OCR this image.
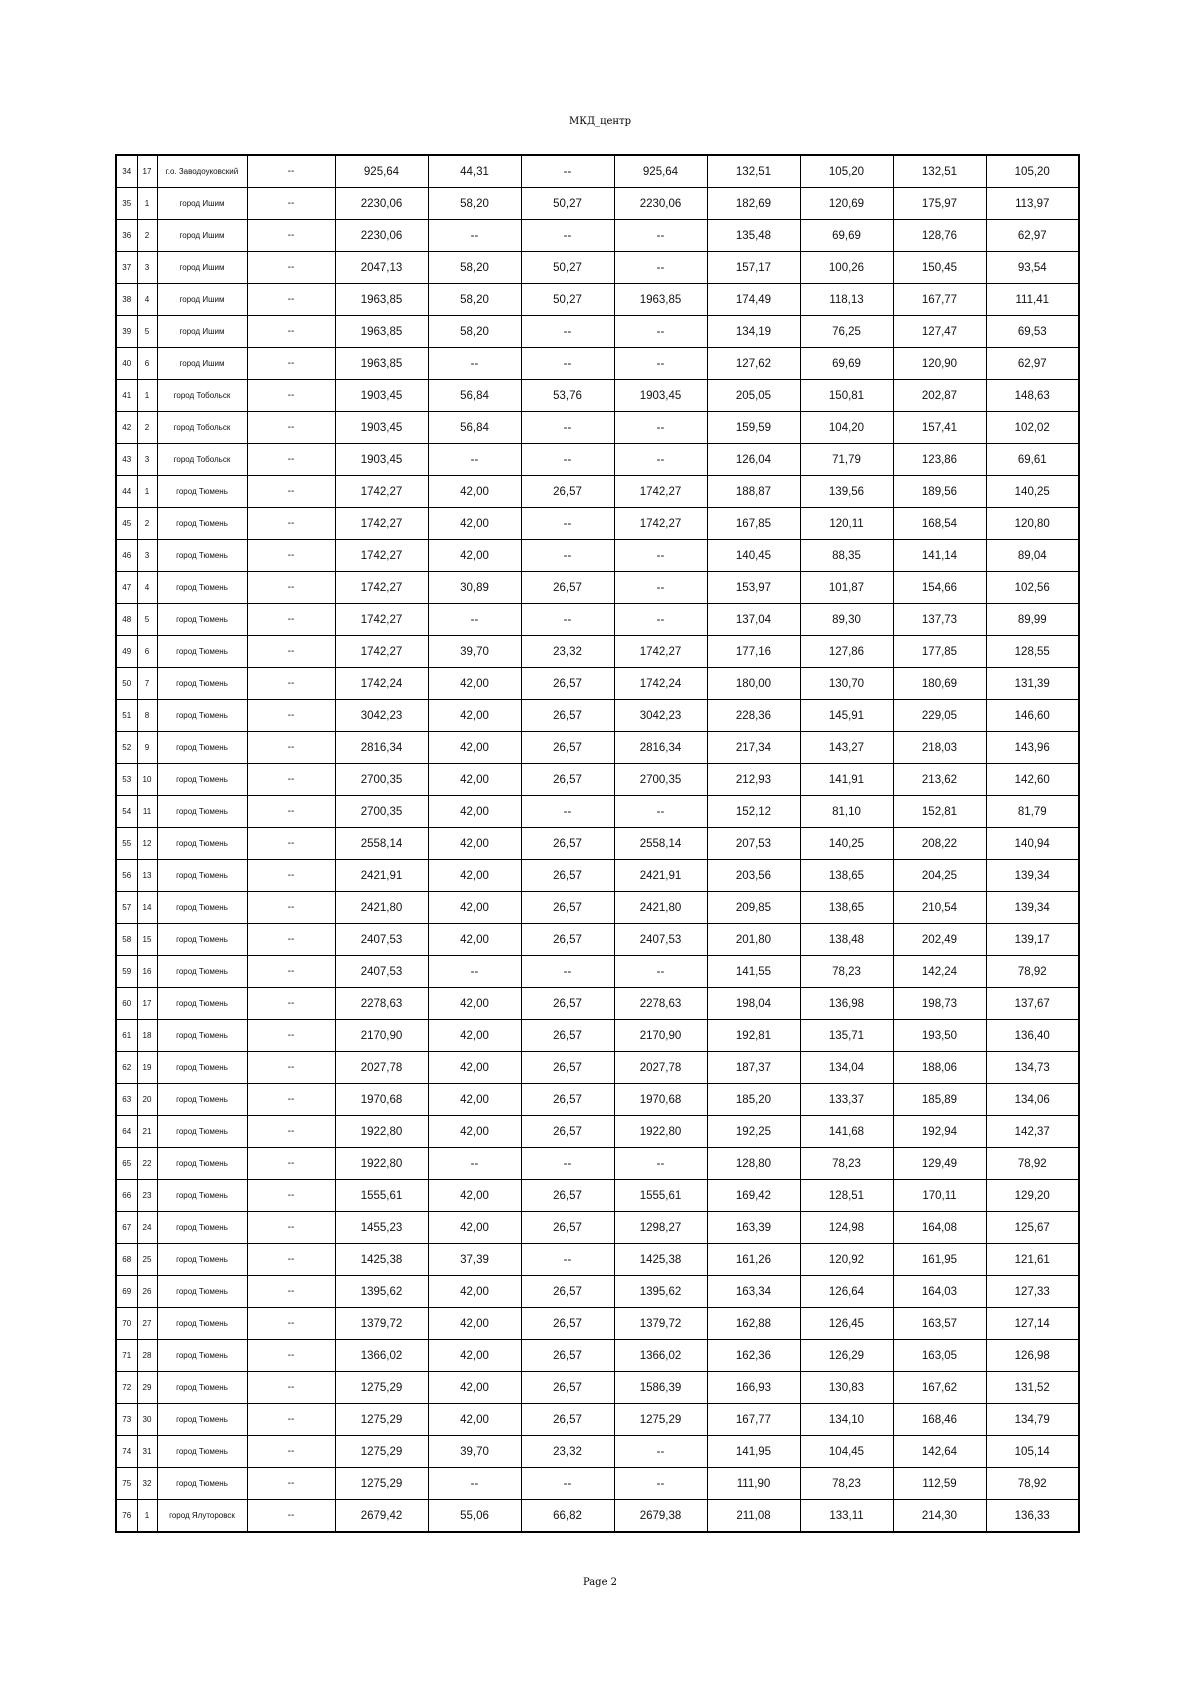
МКД_центр
34	17	г.о. Заводоуковский	--	925,64	44,31	--	925,64	132,51	105,20	132,51	105,20
35	1	город Ишим	--	2230,06	58,20	50,27	2230,06	182,69	120,69	175,97	113,97
36	2	город Ишим	--	2230,06	--	--	--	135,48	69,69	128,76	62,97
37	3	город Ишим	--	2047,13	58,20	50,27	--	157,17	100,26	150,45	93,54
38	4	город Ишим	--	1963,85	58,20	50,27	1963,85	174,49	118,13	167,77	111,41
39	5	город Ишим	--	1963,85	58,20	--	--	134,19	76,25	127,47	69,53
40	6	город Ишим	--	1963,85	--	--	--	127,62	69,69	120,90	62,97
41	1	город Тобольск	--	1903,45	56,84	53,76	1903,45	205,05	150,81	202,87	148,63
42	2	город Тобольск	--	1903,45	56,84	--	--	159,59	104,20	157,41	102,02
43	3	город Тобольск	--	1903,45	--	--	--	126,04	71,79	123,86	69,61
44	1	город Тюмень	--	1742,27	42,00	26,57	1742,27	188,87	139,56	189,56	140,25
45	2	город Тюмень	--	1742,27	42,00	--	1742,27	167,85	120,11	168,54	120,80
46	3	город Тюмень	--	1742,27	42,00	--	--	140,45	88,35	141,14	89,04
47	4	город Тюмень	--	1742,27	30,89	26,57	--	153,97	101,87	154,66	102,56
48	5	город Тюмень	--	1742,27	--	--	--	137,04	89,30	137,73	89,99
49	6	город Тюмень	--	1742,27	39,70	23,32	1742,27	177,16	127,86	177,85	128,55
50	7	город Тюмень	--	1742,24	42,00	26,57	1742,24	180,00	130,70	180,69	131,39
51	8	город Тюмень	--	3042,23	42,00	26,57	3042,23	228,36	145,91	229,05	146,60
52	9	город Тюмень	--	2816,34	42,00	26,57	2816,34	217,34	143,27	218,03	143,96
53	10	город Тюмень	--	2700,35	42,00	26,57	2700,35	212,93	141,91	213,62	142,60
54	11	город Тюмень	--	2700,35	42,00	--	--	152,12	81,10	152,81	81,79
55	12	город Тюмень	--	2558,14	42,00	26,57	2558,14	207,53	140,25	208,22	140,94
56	13	город Тюмень	--	2421,91	42,00	26,57	2421,91	203,56	138,65	204,25	139,34
57	14	город Тюмень	--	2421,80	42,00	26,57	2421,80	209,85	138,65	210,54	139,34
58	15	город Тюмень	--	2407,53	42,00	26,57	2407,53	201,80	138,48	202,49	139,17
59	16	город Тюмень	--	2407,53	--	--	--	141,55	78,23	142,24	78,92
60	17	город Тюмень	--	2278,63	42,00	26,57	2278,63	198,04	136,98	198,73	137,67
61	18	город Тюмень	--	2170,90	42,00	26,57	2170,90	192,81	135,71	193,50	136,40
62	19	город Тюмень	--	2027,78	42,00	26,57	2027,78	187,37	134,04	188,06	134,73
63	20	город Тюмень	--	1970,68	42,00	26,57	1970,68	185,20	133,37	185,89	134,06
64	21	город Тюмень	--	1922,80	42,00	26,57	1922,80	192,25	141,68	192,94	142,37
65	22	город Тюмень	--	1922,80	--	--	--	128,80	78,23	129,49	78,92
66	23	город Тюмень	--	1555,61	42,00	26,57	1555,61	169,42	128,51	170,11	129,20
67	24	город Тюмень	--	1455,23	42,00	26,57	1298,27	163,39	124,98	164,08	125,67
68	25	город Тюмень	--	1425,38	37,39	--	1425,38	161,26	120,92	161,95	121,61
69	26	город Тюмень	--	1395,62	42,00	26,57	1395,62	163,34	126,64	164,03	127,33
70	27	город Тюмень	--	1379,72	42,00	26,57	1379,72	162,88	126,45	163,57	127,14
71	28	город Тюмень	--	1366,02	42,00	26,57	1366,02	162,36	126,29	163,05	126,98
72	29	город Тюмень	--	1275,29	42,00	26,57	1586,39	166,93	130,83	167,62	131,52
73	30	город Тюмень	--	1275,29	42,00	26,57	1275,29	167,77	134,10	168,46	134,79
74	31	город Тюмень	--	1275,29	39,70	23,32	--	141,95	104,45	142,64	105,14
75	32	город Тюмень	--	1275,29	--	--	--	111,90	78,23	112,59	78,92
76	1	город Ялуторовск	--	2679,42	55,06	66,82	2679,38	211,08	133,11	214,30	136,33
Page 2
